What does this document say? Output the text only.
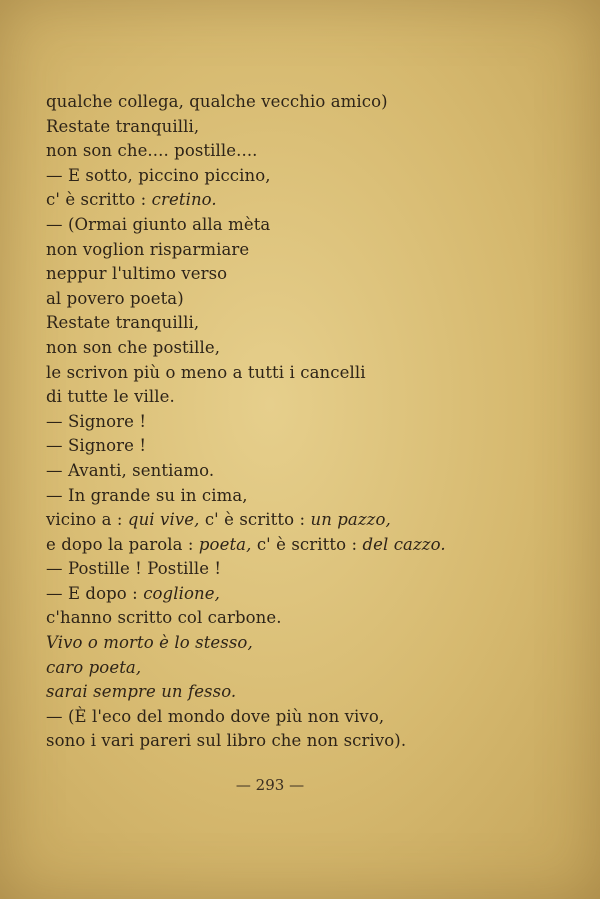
qualche collega, qualche vecchio amico)
Restate tranquilli,
non son che.... postille....
— E sotto, piccino piccino,
c' è scritto : cretino.
— (Ormai giunto alla mèta
non voglion risparmiare
neppur l'ultimo verso
al povero poeta)
Restate tranquilli,
non son che postille,
le scrivon più o meno a tutti i cancelli
di tutte le ville.
— Signore !
— Signore !
— Avanti, sentiamo.
— In grande su in cima,
vicino a : qui vive, c' è scritto : un pazzo,
e dopo la parola : poeta, c' è scritto : del cazzo.
— Postille ! Postille !
— E dopo : coglione,
c'hanno scritto col carbone.
Vivo o morto è lo stesso,
caro poeta,
sarai sempre un fesso.
— (È l'eco del mondo dove più non vivo,
sono i vari pareri sul libro che non scrivo).
— 293 —
